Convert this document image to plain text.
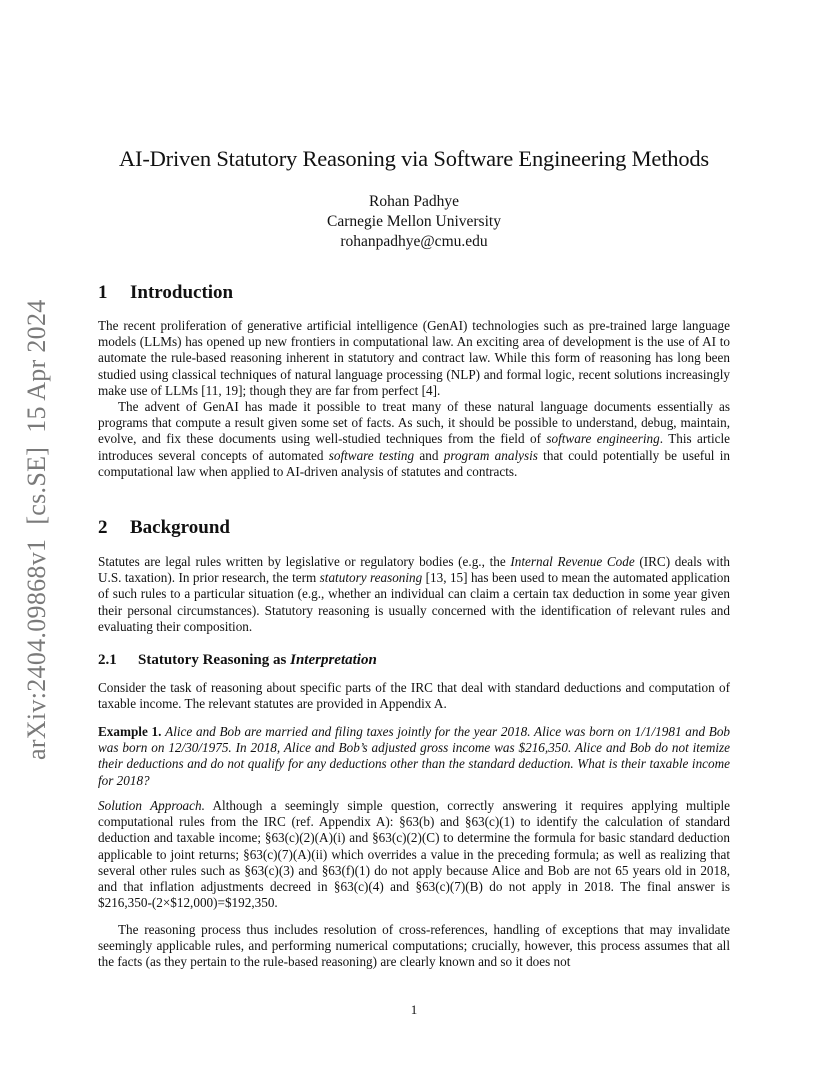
arXiv:2404.09868v1[cs.SE]15 Apr 2024
AI-Driven Statutory Reasoning via Software Engineering Methods
Rohan Padhye
Carnegie Mellon University
rohanpadhye@cmu.edu
1 Introduction

The recent proliferation of generative artificial intelligence (GenAI) technologies such as pre-trained large language models (LLMs) has opened up new frontiers in computational law. An exciting area of development is the use of AI to automate the rule-based reasoning inherent in statutory and contract law. While this form of reasoning has long been studied using classical techniques of natural language processing (NLP) and formal logic, recent solutions increasingly make use of LLMs [11, 19]; though they are far from perfect [4].

The advent of GenAI has made it possible to treat many of these natural language documents essentially as programs that compute a result given some set of facts. As such, it should be possible to understand, debug, maintain, evolve, and fix these documents using well-studied techniques from the field of software engineering. This article introduces several concepts of automated software testing and program analysis that could potentially be useful in computational law when applied to AI-driven analysis of statutes and contracts.

2 Background

Statutes are legal rules written by legislative or regulatory bodies (e.g., the Internal Revenue Code (IRC) deals with U.S. taxation). In prior research, the term statutory reasoning [13, 15] has been used to mean the automated application of such rules to a particular situation (e.g., whether an individual can claim a certain tax deduction in some year given their personal circumstances). Statutory reasoning is usually concerned with the identification of relevant rules and evaluating their composition.

2.1 Statutory Reasoning as Interpretation

Consider the task of reasoning about specific parts of the IRC that deal with standard deductions and computation of taxable income. The relevant statutes are provided in Appendix A.

Example 1. Alice and Bob are married and filing taxes jointly for the year 2018. Alice was born on 1/1/1981 and Bob was born on 12/30/1975. In 2018, Alice and Bob’s adjusted gross income was $216,350. Alice and Bob do not itemize their deductions and do not qualify for any deductions other than the standard deduction. What is their taxable income for 2018?

Solution Approach. Although a seemingly simple question, correctly answering it requires applying multiple computational rules from the IRC (ref. Appendix A): §63(b) and §63(c)(1) to identify the calculation of standard deduction and taxable income; §63(c)(2)(A)(i) and §63(c)(2)(C) to determine the formula for basic standard deduction applicable to joint returns; §63(c)(7)(A)(ii) which overrides a value in the preceding formula; as well as realizing that several other rules such as §63(c)(3) and §63(f)(1) do not apply because Alice and Bob are not 65 years old in 2018, and that inflation adjustments decreed in §63(c)(4) and §63(c)(7)(B) do not apply in 2018. The final answer is $216,350-(2×$12,000)=$192,350.

The reasoning process thus includes resolution of cross-references, handling of exceptions that may invalidate seemingly applicable rules, and performing numerical computations; crucially, however, this process assumes that all the facts (as they pertain to the rule-based reasoning) are clearly known and so it does not

1
